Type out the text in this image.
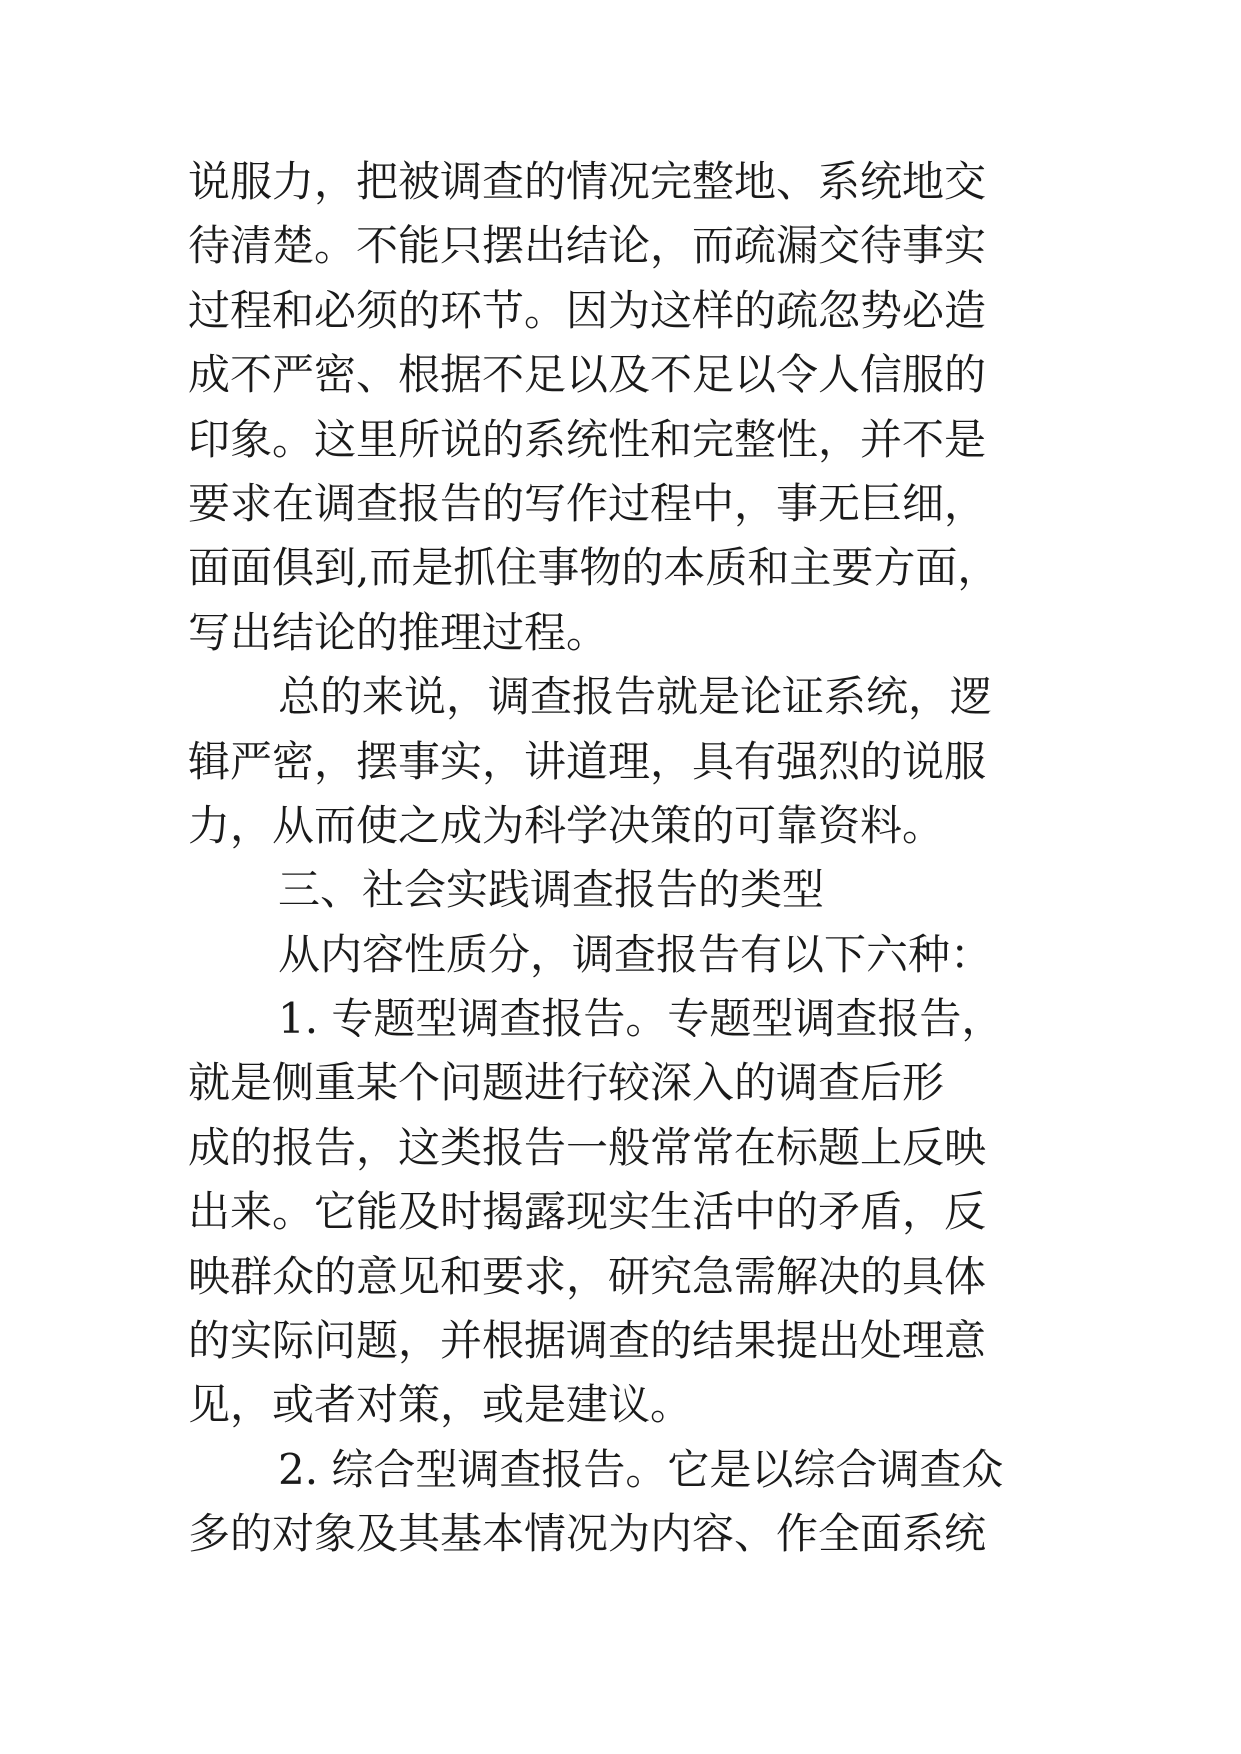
说服力，把被调查的情况完整地、系统地交
待清楚。不能只摆出结论，而疏漏交待事实
过程和必须的环节。因为这样的疏忽势必造
成不严密、根据不足以及不足以令人信服的
印象。这里所说的系统性和完整性，并不是
要求在调查报告的写作过程中，事无巨细，
面面俱到,而是抓住事物的本质和主要方面，
写出结论的推理过程。
总的来说，调查报告就是论证系统，逻
辑严密，摆事实，讲道理，具有强烈的说服
力，从而使之成为科学决策的可靠资料。
三、社会实践调查报告的类型
从内容性质分，调查报告有以下六种：
1. 专题型调查报告。专题型调查报告，
就是侧重某个问题进行较深入的调查后形
成的报告，这类报告一般常常在标题上反映
出来。它能及时揭露现实生活中的矛盾，反
映群众的意见和要求，研究急需解决的具体
的实际问题，并根据调查的结果提出处理意
见，或者对策，或是建议。
2. 综合型调查报告。它是以综合调查众
多的对象及其基本情况为内容、作全面系统
